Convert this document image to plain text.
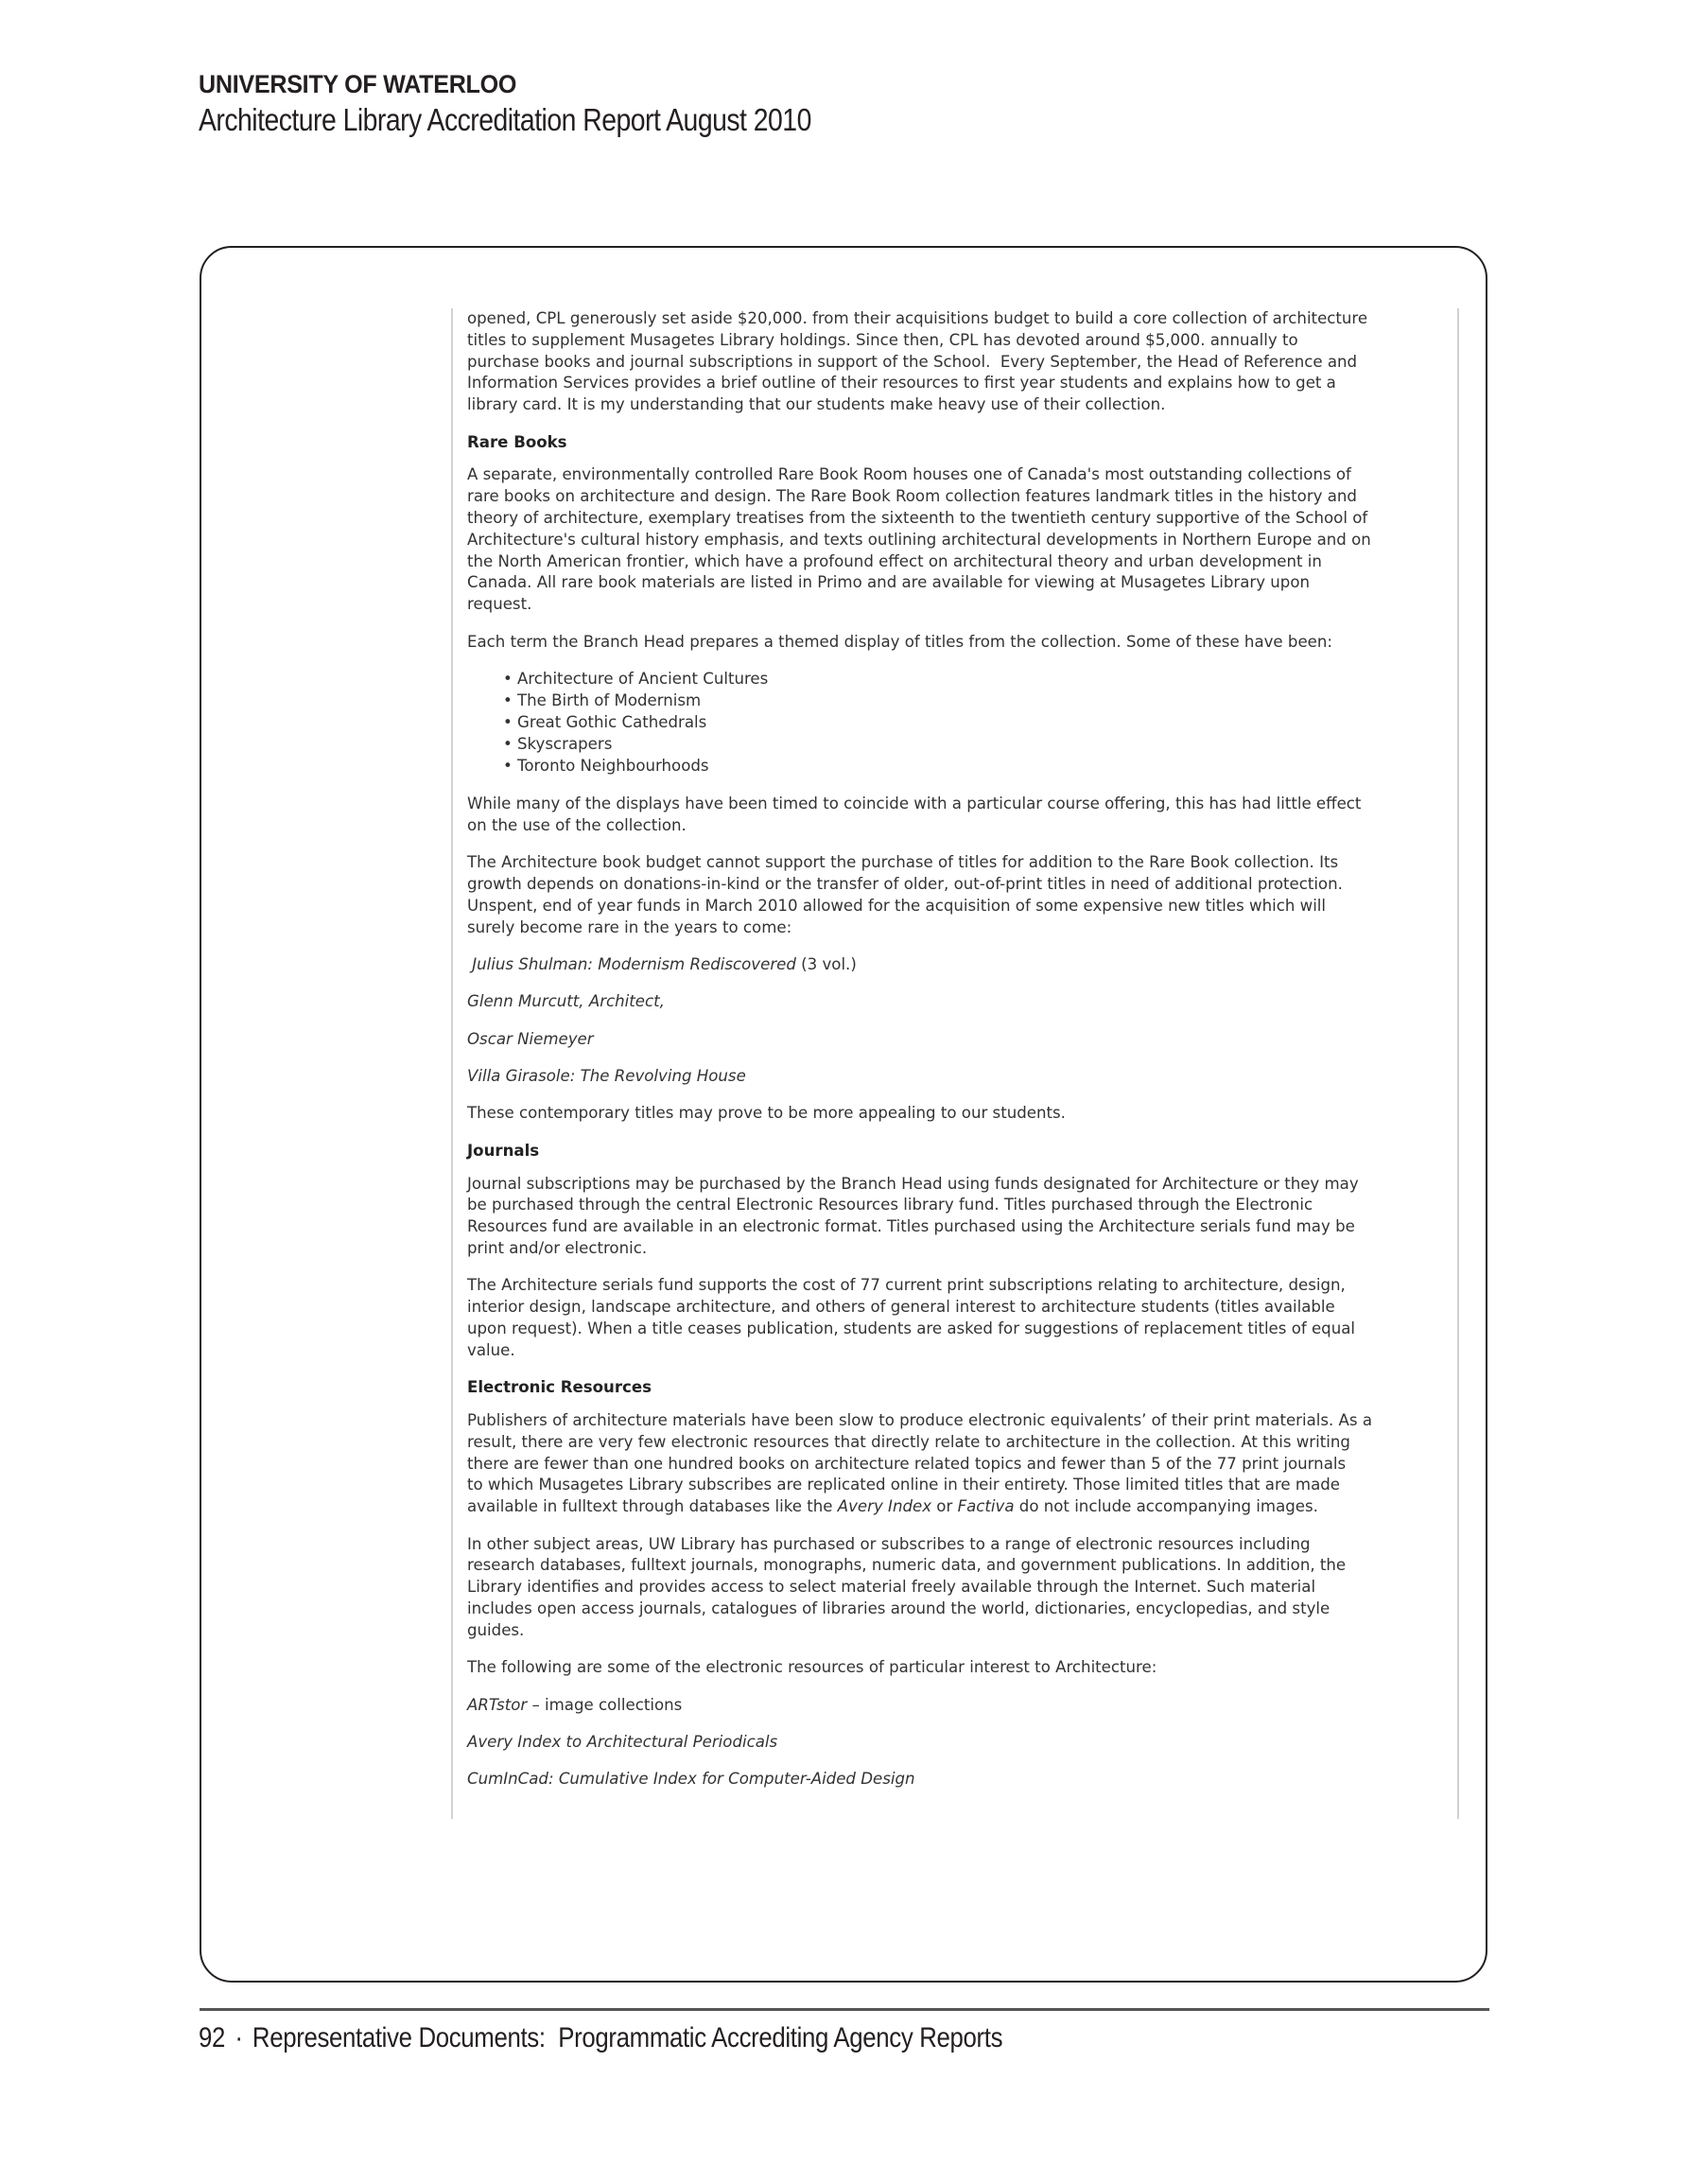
UNIVERSITY OF WATERLOO
Architecture Library Accreditation Report August 2010
opened, CPL generously set aside $20,000. from their acquisitions budget to build a core collection of architecture
titles to supplement Musagetes Library holdings. Since then, CPL has devoted around $5,000. annually to
purchase books and journal subscriptions in support of the School.  Every September, the Head of Reference and
Information Services provides a brief outline of their resources to first year students and explains how to get a
library card. It is my understanding that our students make heavy use of their collection.
Rare Books
A separate, environmentally controlled Rare Book Room houses one of Canada's most outstanding collections of
rare books on architecture and design. The Rare Book Room collection features landmark titles in the history and
theory of architecture, exemplary treatises from the sixteenth to the twentieth century supportive of the School of
Architecture's cultural history emphasis, and texts outlining architectural developments in Northern Europe and on
the North American frontier, which have a profound effect on architectural theory and urban development in
Canada. All rare book materials are listed in Primo and are available for viewing at Musagetes Library upon
request.
Each term the Branch Head prepares a themed display of titles from the collection. Some of these have been:
• Architecture of Ancient Cultures
• The Birth of Modernism
• Great Gothic Cathedrals
• Skyscrapers
• Toronto Neighbourhoods
While many of the displays have been timed to coincide with a particular course offering, this has had little effect
on the use of the collection.
The Architecture book budget cannot support the purchase of titles for addition to the Rare Book collection. Its
growth depends on donations-in-kind or the transfer of older, out-of-print titles in need of additional protection.
Unspent, end of year funds in March 2010 allowed for the acquisition of some expensive new titles which will
surely become rare in the years to come:
Julius Shulman: Modernism Rediscovered (3 vol.)
Glenn Murcutt, Architect,
Oscar Niemeyer
Villa Girasole: The Revolving House
These contemporary titles may prove to be more appealing to our students.
Journals
Journal subscriptions may be purchased by the Branch Head using funds designated for Architecture or they may
be purchased through the central Electronic Resources library fund. Titles purchased through the Electronic
Resources fund are available in an electronic format. Titles purchased using the Architecture serials fund may be
print and/or electronic.
The Architecture serials fund supports the cost of 77 current print subscriptions relating to architecture, design,
interior design, landscape architecture, and others of general interest to architecture students (titles available
upon request). When a title ceases publication, students are asked for suggestions of replacement titles of equal
value.
Electronic Resources
Publishers of architecture materials have been slow to produce electronic equivalents’ of their print materials. As a
result, there are very few electronic resources that directly relate to architecture in the collection. At this writing
there are fewer than one hundred books on architecture related topics and fewer than 5 of the 77 print journals
to which Musagetes Library subscribes are replicated online in their entirety. Those limited titles that are made
available in fulltext through databases like the Avery Index or Factiva do not include accompanying images.
In other subject areas, UW Library has purchased or subscribes to a range of electronic resources including
research databases, fulltext journals, monographs, numeric data, and government publications. In addition, the
Library identifies and provides access to select material freely available through the Internet. Such material
includes open access journals, catalogues of libraries around the world, dictionaries, encyclopedias, and style
guides.
The following are some of the electronic resources of particular interest to Architecture:
ARTstor – image collections
Avery Index to Architectural Periodicals
CumInCad: Cumulative Index for Computer-Aided Design
92 · Representative Documents:  Programmatic Accrediting Agency Reports
